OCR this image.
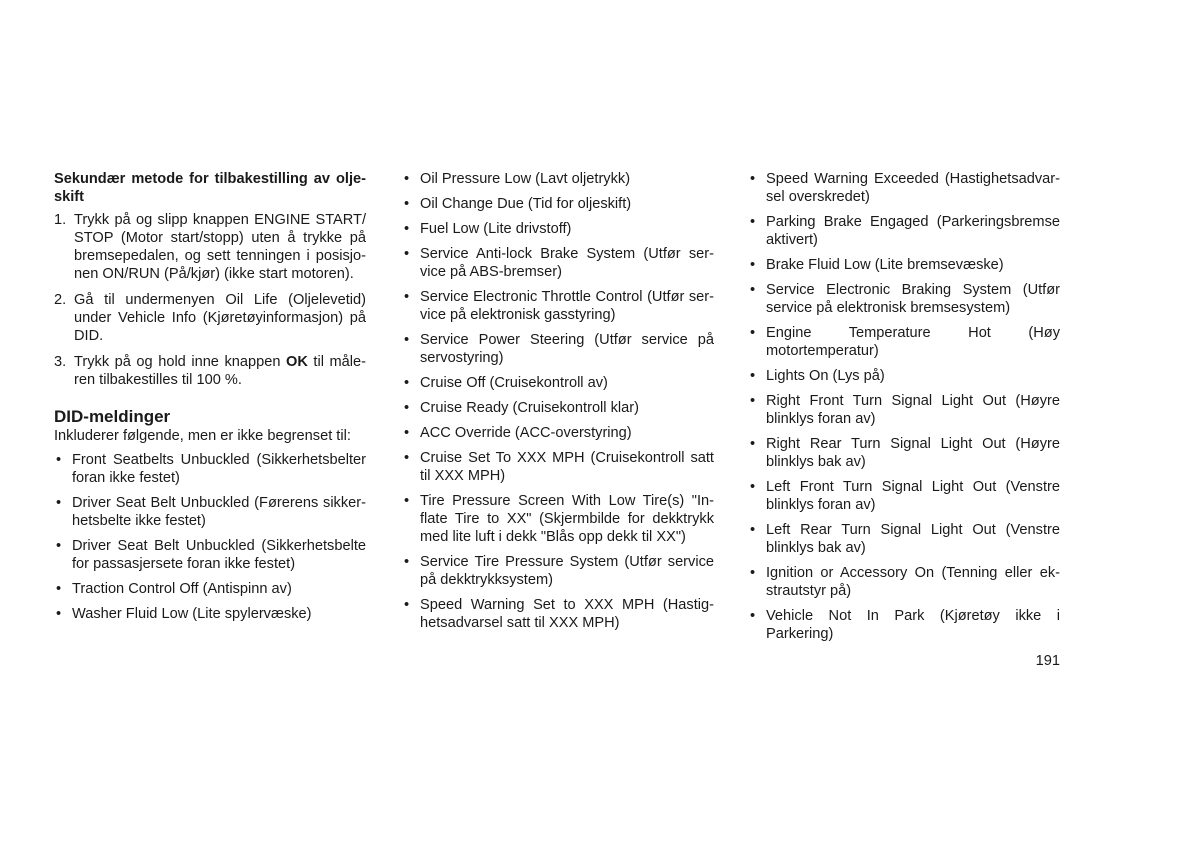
Sekundær metode for tilbakestilling av olje-skift

1. Trykk på og slipp knappen ENGINE START/ STOP (Motor start/stopp) uten å trykke på bremsepedalen, og sett tenningen i posisjo-nen ON/RUN (På/kjør) (ikke start motoren).
2. Gå til undermenyen Oil Life (Oljelevetid) under Vehicle Info (Kjøretøyinformasjon) på DID.
3. Trykk på og hold inne knappen OK til måle-ren tilbakestilles til 100 %.
DID-meldinger

Inkluderer følgende, men er ikke begrenset til:

• Front Seatbelts Unbuckled (Sikkerhetsbelter foran ikke festet)
• Driver Seat Belt Unbuckled (Førerens sikker-hetsbelte ikke festet)
• Driver Seat Belt Unbuckled (Sikkerhetsbelte for passasjersete foran ikke festet)
• Traction Control Off (Antispinn av)
• Washer Fluid Low (Lite spylervæske)
• Oil Pressure Low (Lavt oljetrykk)
• Oil Change Due (Tid for oljeskift)
• Fuel Low (Lite drivstoff)
• Service Anti-lock Brake System (Utfør ser-vice på ABS-bremser)
• Service Electronic Throttle Control (Utfør ser-vice på elektronisk gasstyring)
• Service Power Steering (Utfør service på servostyring)
• Cruise Off (Cruisekontroll av)
• Cruise Ready (Cruisekontroll klar)
• ACC Override (ACC-overstyring)
• Cruise Set To XXX MPH (Cruisekontroll satt til XXX MPH)
• Tire Pressure Screen With Low Tire(s) "In-flate Tire to XX" (Skjermbilde for dekktrykk med lite luft i dekk "Blås opp dekk til XX")
• Service Tire Pressure System (Utfør service på dekktrykksystem)
• Speed Warning Set to XXX MPH (Hastig-hetsadvarsel satt til XXX MPH)
• Speed Warning Exceeded (Hastighetsadvar-sel overskredet)
• Parking Brake Engaged (Parkeringsbremse aktivert)
• Brake Fluid Low (Lite bremsevæske)
• Service Electronic Braking System (Utfør service på elektronisk bremsesystem)
• Engine Temperature Hot (Høy motortemperatur)
• Lights On (Lys på)
• Right Front Turn Signal Light Out (Høyre blinklys foran av)
• Right Rear Turn Signal Light Out (Høyre blinklys bak av)
• Left Front Turn Signal Light Out (Venstre blinklys foran av)
• Left Rear Turn Signal Light Out (Venstre blinklys bak av)
• Ignition or Accessory On (Tenning eller ek-strautstyr på)
• Vehicle Not In Park (Kjøretøy ikke i Parkering)
191
